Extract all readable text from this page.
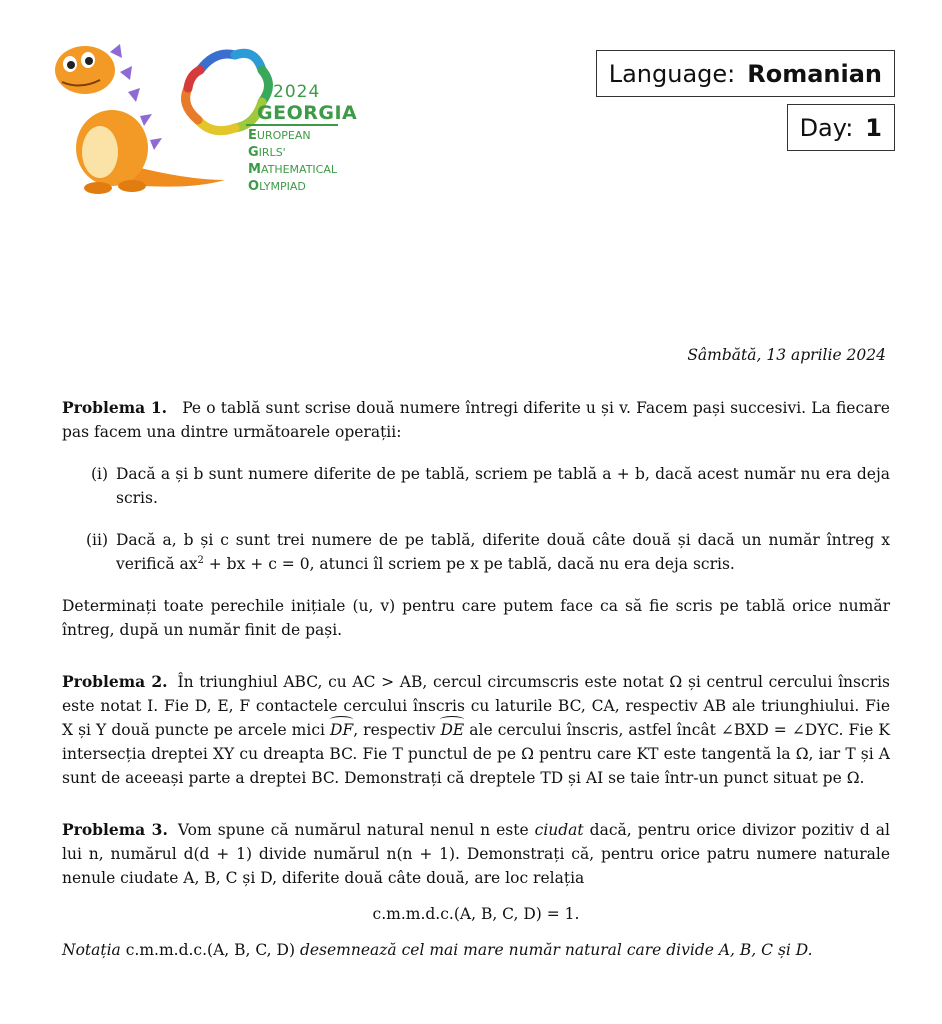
2024
GEORGIA
EUROPEAN
GIRLS'
MATHEMATICAL
OLYMPIAD
Language: Romanian
Day: 1
Sâmbătă, 13 aprilie 2024

Problema 1. Pe o tablă sunt scrise două numere întregi diferite u și v. Facem pași succesivi. La fiecare pas facem una dintre următoarele operații:

(i) Dacă a și b sunt numere diferite de pe tablă, scriem pe tablă a + b, dacă acest număr nu era deja scris.
(ii) Dacă a, b și c sunt trei numere de pe tablă, diferite două câte două și dacă un număr întreg x verifică $ax^2$ + bx + c = 0, atunci îl scriem pe x pe tablă, dacă nu era deja scris.

Determinați toate perechile inițiale (u, v) pentru care putem face ca să fie scris pe tablă orice număr întreg, după un număr finit de pași.

Problema 2. În triunghiul ABC, cu AC > AB, cercul circumscris este notat Ω și centrul cercului înscris este notat I. Fie D, E, F contactele cercului înscris cu laturile BC, CA, respectiv AB ale triunghiului. Fie X și Y două puncte pe arcele mici DF, respectiv DE ale cercului înscris, astfel încât ∠BXD = ∠DYC. Fie K intersecția dreptei XY cu dreapta BC. Fie T punctul de pe Ω pentru care KT este tangentă la Ω, iar T și A sunt de aceeași parte a dreptei BC. Demonstrați că dreptele TD și AI se taie într-un punct situat pe Ω.

Problema 3. Vom spune că numărul natural nenul n este ciudat dacă, pentru orice divizor pozitiv d al lui n, numărul d(d + 1) divide numărul n(n + 1). Demonstrați că, pentru orice patru numere naturale nenule ciudate A, B, C și D, diferite două câte două, are loc relația

c.m.m.d.c.(A, B, C, D) = 1.

Notația c.m.m.d.c.(A, B, C, D) desemnează cel mai mare număr natural care divide A, B, C și D.
